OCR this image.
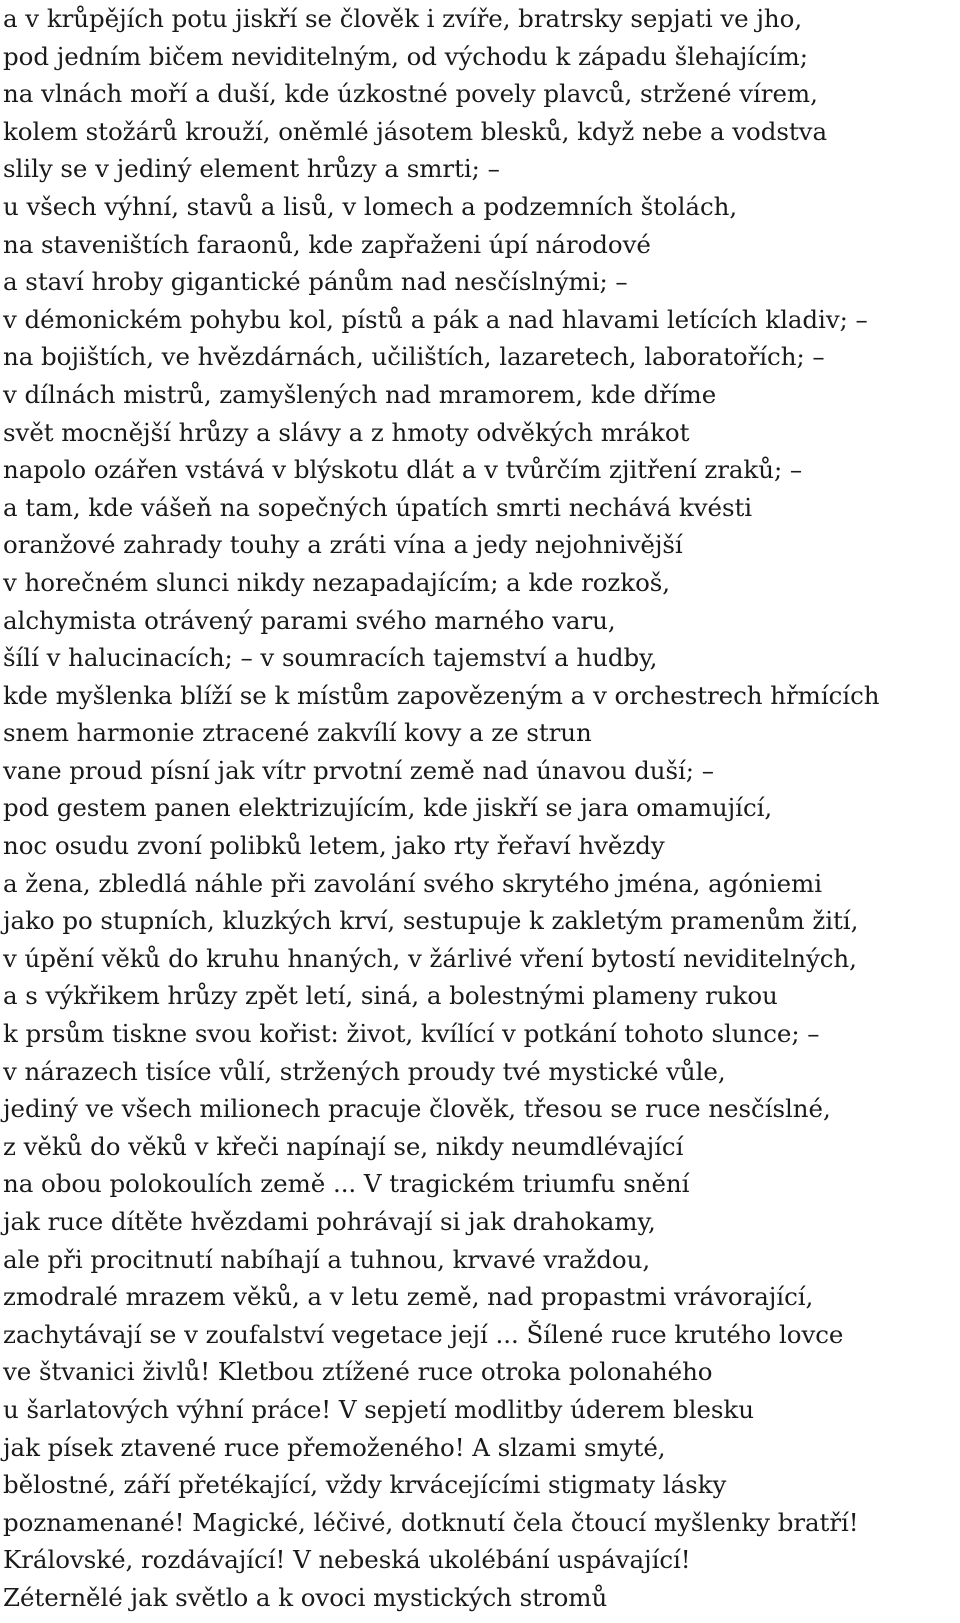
a v krůpějích potu jiskří se člověk i zvíře, bratrsky sepjati ve jho,
pod jedním bičem neviditelným, od východu k západu šlehajícím;
na vlnách moří a duší, kde úzkostné povely plavců, stržené vírem,
kolem stožárů krouží, oněmlé jásotem blesků, když nebe a vodstva
slily se v jediný element hrůzy a smrti; –
u všech výhní, stavů a lisů, v lomech a podzemních štolách,
na staveništích faraonů, kde zapřaženi úpí národové
a staví hroby gigantické pánům nad nesčíslnými; –
v démonickém pohybu kol, pístů a pák a nad hlavami letících kladiv; –
na bojištích, ve hvězdárnách, učilištích, lazaretech, laboratořích; –
v dílnách mistrů, zamyšlených nad mramorem, kde dříme
svět mocnější hrůzy a slávy a z hmoty odvěkých mrákot
napolo ozářen vstává v blýskotu dlát a v tvůrčím zjitření zraků; –
a tam, kde vášeň na sopečných úpatích smrti nechává kvésti
oranžové zahrady touhy a zráti vína a jedy nejohnivější
v horečném slunci nikdy nezapadajícím; a kde rozkoš,
alchymista otrávený parami svého marného varu,
šílí v halucinacích; – v soumracích tajemství a hudby,
kde myšlenka blíží se k místům zapovězeným a v orchestrech hřmících
snem harmonie ztracené zakvílí kovy a ze strun
vane proud písní jak vítr prvotní země nad únavou duší; –
pod gestem panen elektrizujícím, kde jiskří se jara omamující,
noc osudu zvoní polibků letem, jako rty řeřaví hvězdy
a žena, zbledlá náhle při zavolání svého skrytého jména, agóniemi
jako po stupních, kluzkých krví, sestupuje k zakletým pramenům žití,
v úpění věků do kruhu hnaných, v žárlivé vření bytostí neviditelných,
a s výkřikem hrůzy zpět letí, siná, a bolestnými plameny rukou
k prsům tiskne svou kořist: život, kvílící v potkání tohoto slunce; –
v nárazech tisíce vůlí, stržených proudy tvé mystické vůle,
jediný ve všech milionech pracuje člověk, třesou se ruce nesčíslné,
z věků do věků v křeči napínají se, nikdy neumdlévající
na obou polokoulích země ... V tragickém triumfu snění
jak ruce dítěte hvězdami pohrávají si jak drahokamy,
ale při procitnutí nabíhají a tuhnou, krvavé vraždou,
zmodralé mrazem věků, a v letu země, nad propastmi vrávorající,
zachytávají se v zoufalství vegetace její ... Šílené ruce krutého lovce
ve štvanici živlů! Kletbou ztížené ruce otroka polonahého
u šarlatových výhní práce! V sepjetí modlitby úderem blesku
jak písek ztavené ruce přemoženého! A slzami smyté,
bělostné, září přetékající, vždy krvácejícími stigmaty lásky
poznamenané! Magické, léčivé, dotknutí čela čtoucí myšlenky bratří!
Královské, rozdávající! V nebeská ukolébání uspávající!
Zéternělé jak světlo a k ovoci mystických stromů
